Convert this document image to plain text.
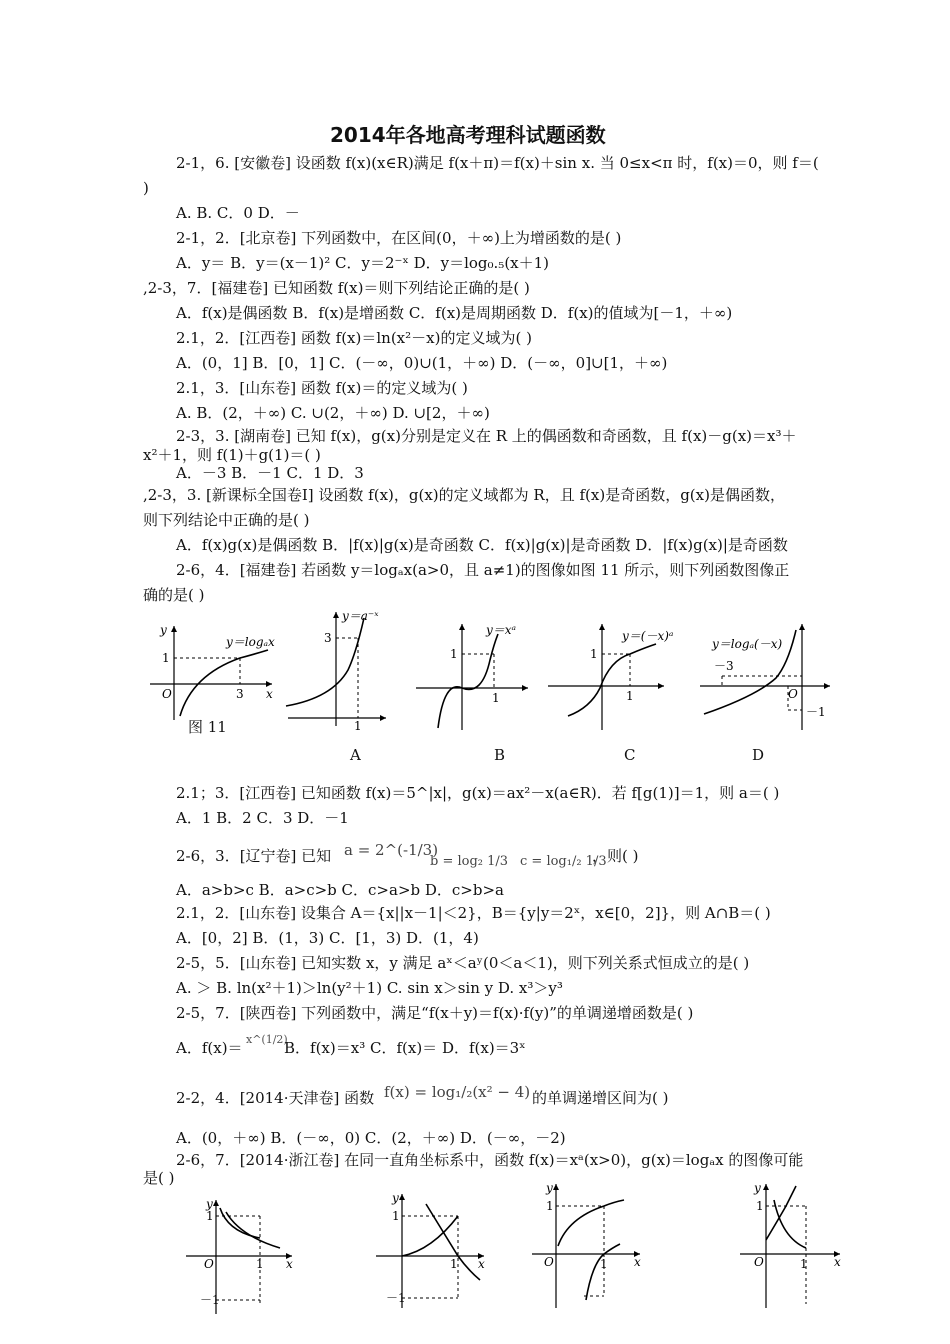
2014年各地高考理科试题函数
2-1，6. [安徽卷] 设函数 f(x)(x∈R)满足 f(x＋π)＝f(x)＋sin x. 当 0≤x<π 时，f(x)＝0，则 f＝(
)
A. B. C．0 D．－
2-1，2．[北京卷] 下列函数中，在区间(0，＋∞)上为增函数的是( )
A．y＝ B．y＝(x－1)² C．y＝2⁻ˣ D．y＝log₀.₅(x＋1)
,2-3，7．[福建卷] 已知函数 f(x)＝则下列结论正确的是( )
A．f(x)是偶函数 B．f(x)是增函数 C．f(x)是周期函数 D．f(x)的值域为[－1，＋∞)
2.1，2．[江西卷] 函数 f(x)＝ln(x²－x)的定义域为( )
A．(0，1] B．[0，1] C．(－∞，0)∪(1，＋∞) D．(－∞，0]∪[1，＋∞)
2.1，3．[山东卷] 函数 f(x)＝的定义域为( )
A. B．(2，＋∞) C. ∪(2，＋∞) D. ∪[2，＋∞)
2-3，3. [湖南卷] 已知 f(x)，g(x)分别是定义在 R 上的偶函数和奇函数，且 f(x)－g(x)＝x³＋
x²＋1，则 f(1)＋g(1)＝( )
A．－3 B．－1 C．1 D．3
,2-3，3. [新课标全国卷Ⅰ] 设函数 f(x)，g(x)的定义域都为 R，且 f(x)是奇函数，g(x)是偶函数，
则下列结论中正确的是( )
A．f(x)g(x)是偶函数 B．|f(x)|g(x)是奇函数 C．f(x)|g(x)|是奇函数 D．|f(x)g(x)|是奇函数
2-6，4．[福建卷] 若函数 y＝logₐx(a>0，且 a≠1)的图像如图 11 所示，则下列函数图像正
确的是( )
y
x
1
3
O
y＝logₐx
图 11
y＝a⁻ˣ
3
1
A
y＝xᵃ
1
1
B
y＝(－x)ᵃ
1
1
C
y＝logₐ(－x)
－3
－1
O
D
2.1；3．[江西卷] 已知函数 f(x)＝5^|x|，g(x)＝ax²－x(a∈R)．若 f[g(1)]＝1，则 a＝( )
A．1 B．2 C．3 D．－1
2-6，3．[辽宁卷] 已知 a = 2^(-1/3)
b = log₂ 1/3 c = log₁/₂ 1/3
，则( )
A．a>b>c B．a>c>b C．c>a>b D．c>b>a
2.1，2．[山东卷] 设集合 A＝{x||x－1|＜2}，B＝{y|y＝2ˣ，x∈[0，2]}，则 A∩B＝( )
A．[0，2] B．(1，3) C．[1，3) D．(1，4)
2-5，5．[山东卷] 已知实数 x，y 满足 aˣ＜aʸ(0＜a＜1)，则下列关系式恒成立的是( )
A. ＞ B. ln(x²＋1)＞ln(y²＋1) C. sin x＞sin y D. x³＞y³
2-5，7．[陕西卷] 下列函数中，满足“f(x＋y)＝f(x)·f(y)”的单调递增函数是( )
A．f(x)＝ x^(1/2)
B．f(x)＝x³ C．f(x)＝ D．f(x)＝3ˣ
2-2，4．[2014·天津卷] 函数 f(x) = log₁/₂(x² − 4) 的单调递增区间为( )
A．(0，＋∞) B．(－∞，0) C．(2，＋∞) D．(－∞，－2)
2-6，7．[2014·浙江卷] 在同一直角坐标系中，函数 f(x)＝xᵃ(x>0)，g(x)＝logₐx 的图像可能
是( )
1
－1
1
O
y
x
1
－1
1
y
x
1
1
O
y
x
1
1
O
y
x
